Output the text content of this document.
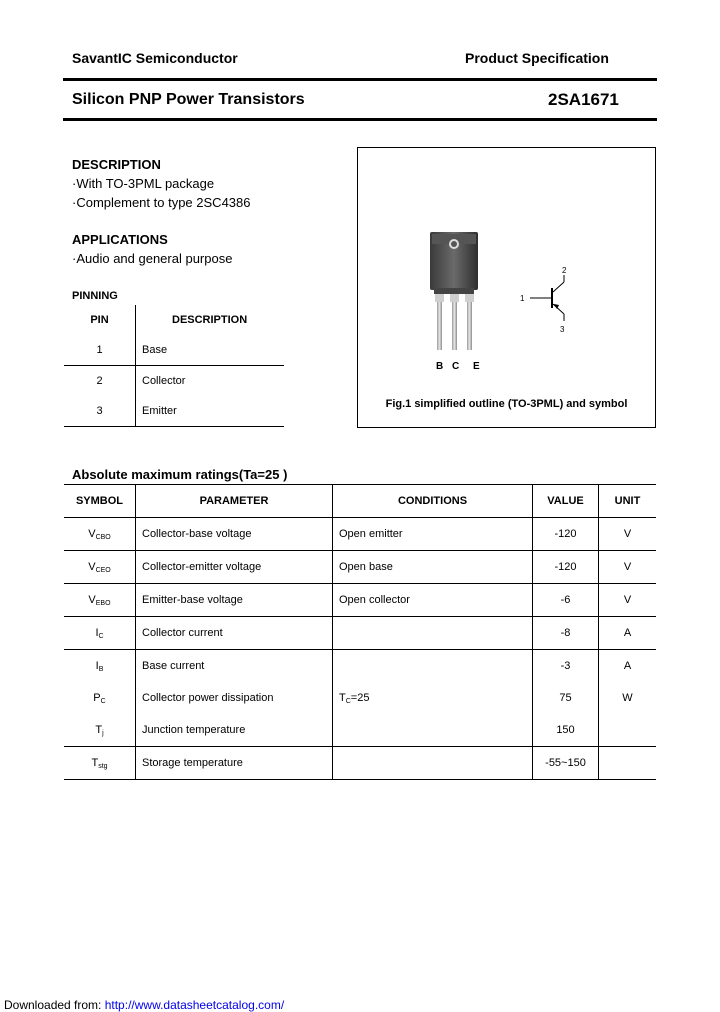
SavantIC Semiconductor	Product Specification
Silicon PNP Power Transistors	2SA1671
DESCRIPTION
·With TO-3PML package
·Complement to type 2SC4386
APPLICATIONS
·Audio and general purpose
PINNING
PIN	DESCRIPTION
1	Base
2	Collector
3	Emitter
B C E
2
1
3
Fig.1 simplified outline (TO-3PML) and symbol
Absolute maximum ratings(Ta=25 )
SYMBOL	PARAMETER	CONDITIONS	VALUE	UNIT
$V_{CBO}$	Collector-base voltage	Open emitter	-120	V
$V_{CEO}$	Collector-emitter voltage	Open base	-120	V
$V_{EBO}$	Emitter-base voltage	Open collector	-6	V
$I_C$	Collector current		-8	A
$I_B$	Base current		-3	A
$P_C$	Collector power dissipation	$T_C=25$	75	W
$T_j$	Junction temperature		150	
$T_{stg}$	Storage temperature		-55~150	
Downloaded from: http://www.datasheetcatalog.com/
